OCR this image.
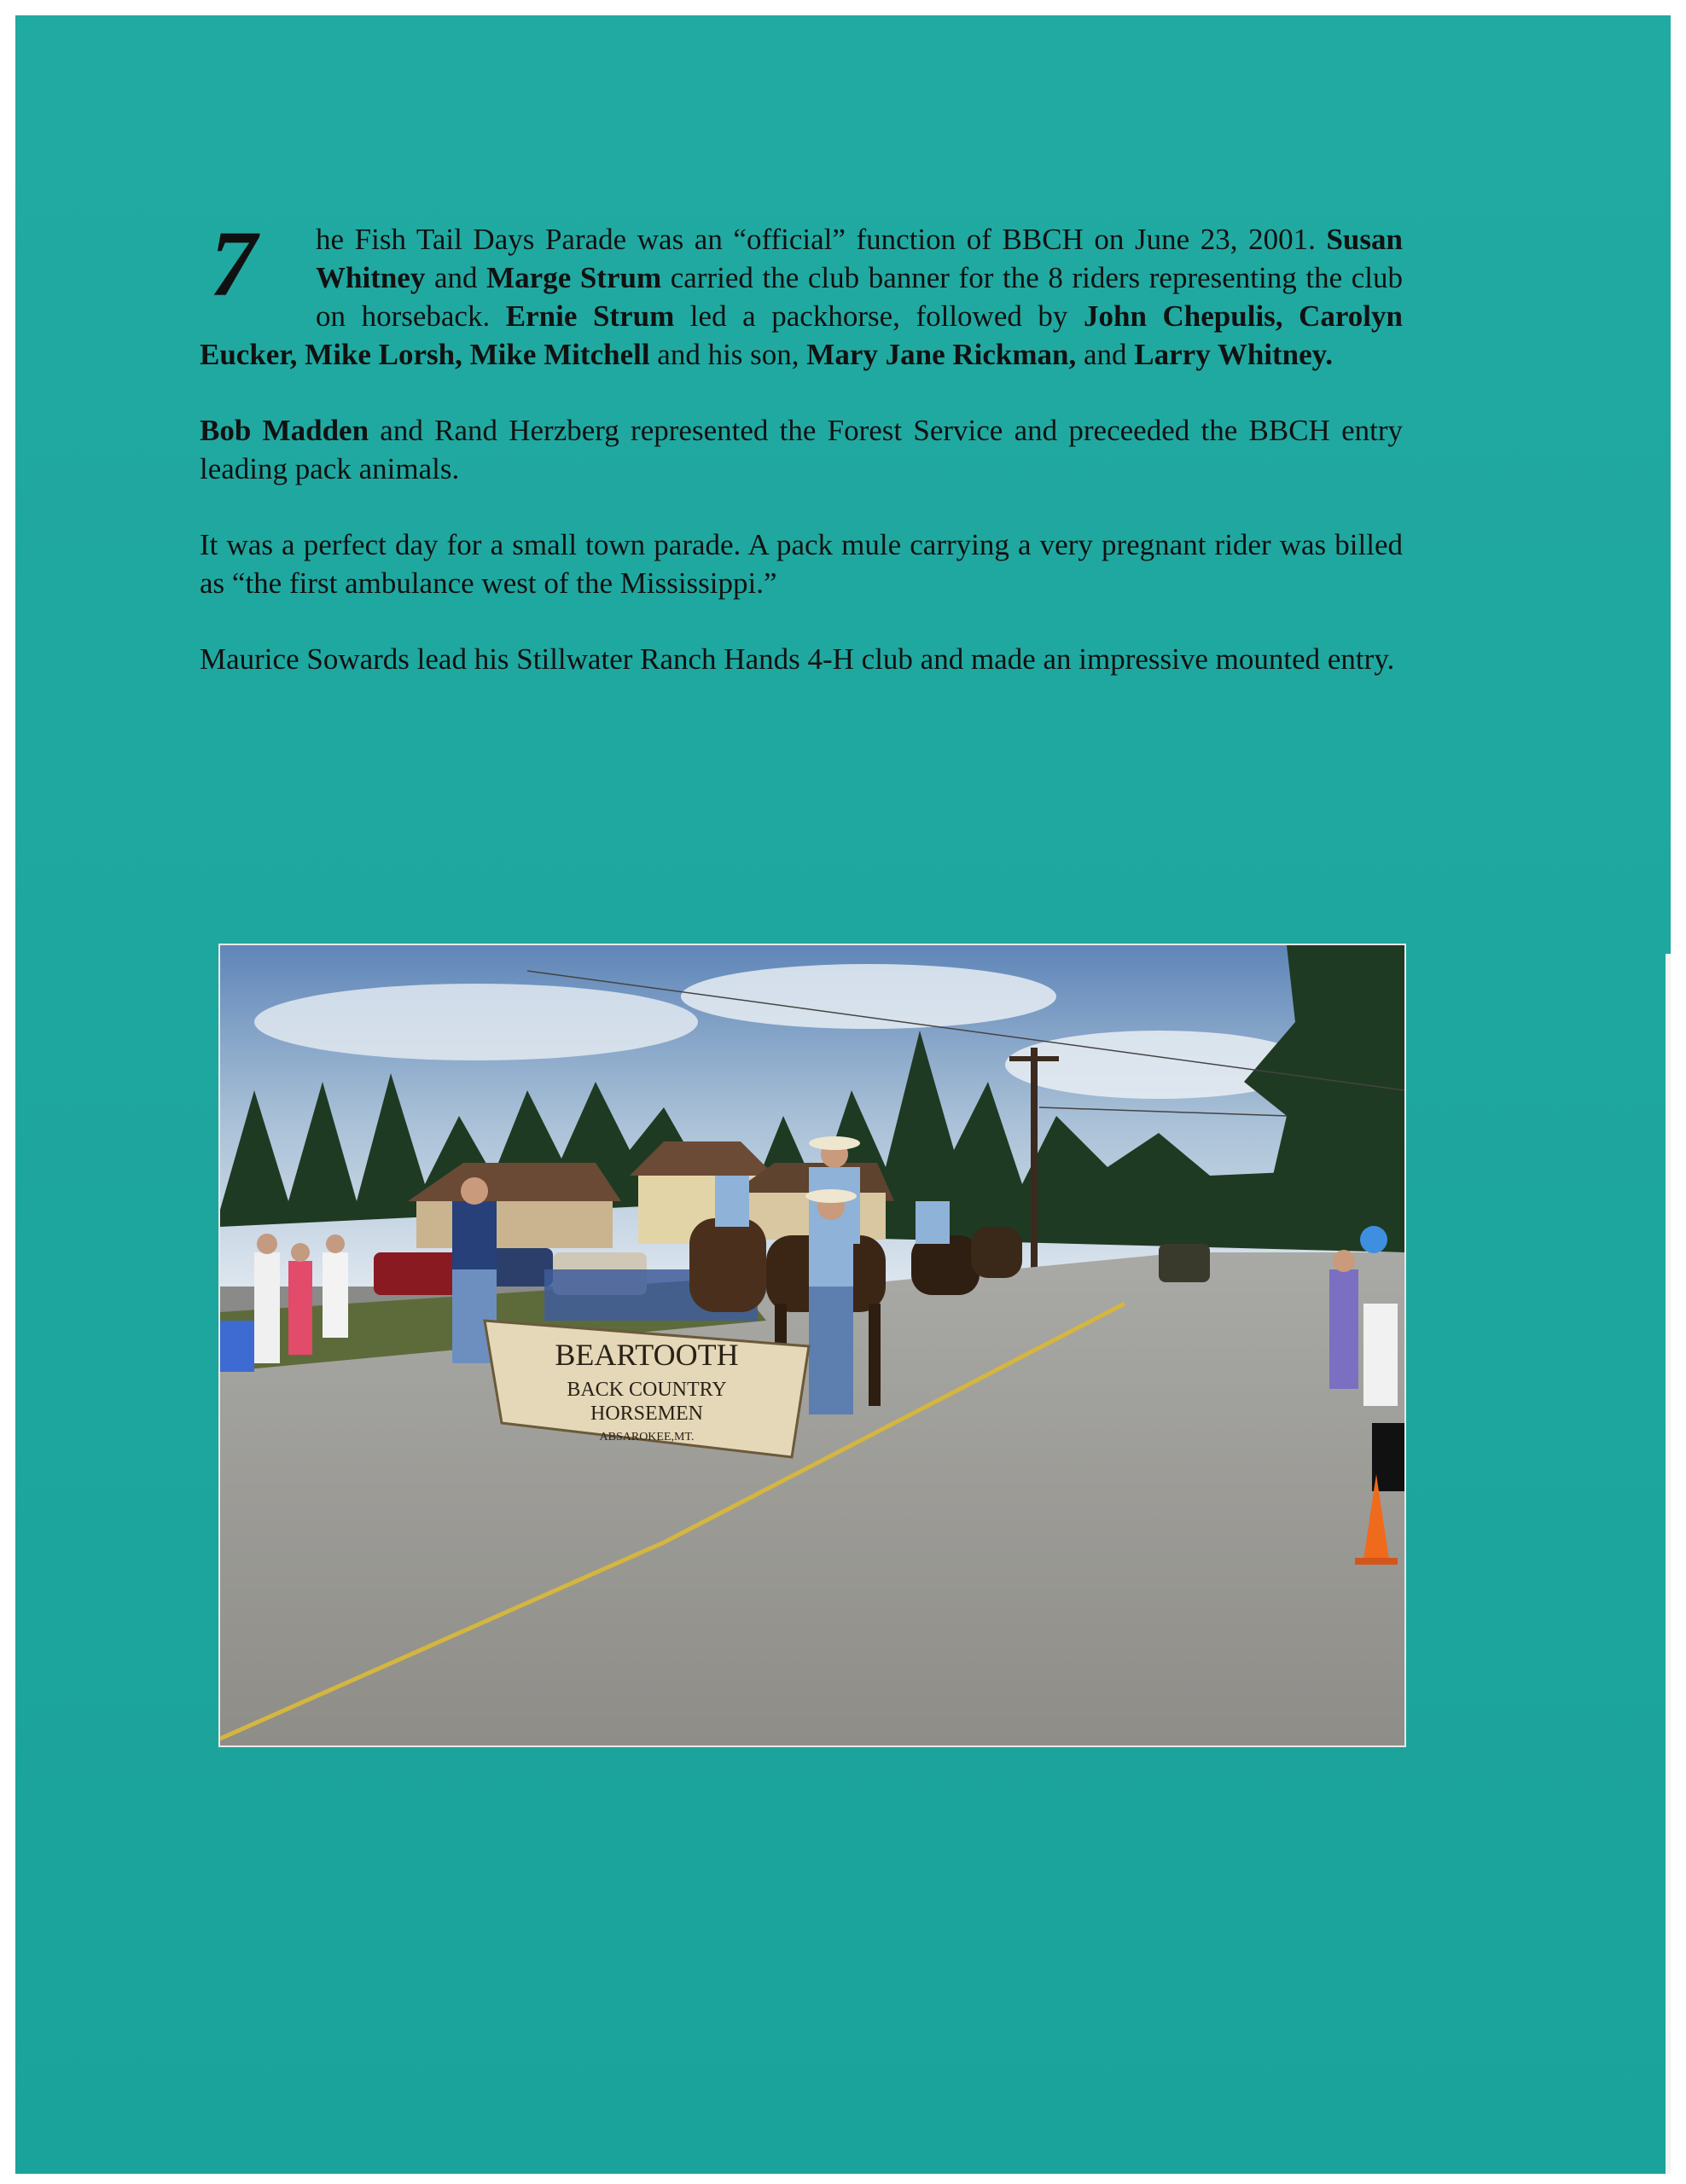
7	he Fish Tail Days Parade was an “official” function of BBCH on June 23, 2001. Susan Whitney and Marge Strum carried the club banner for the 8 riders representing the club on horseback. Ernie Strum led a packhorse, followed by John Chepulis, Carolyn Eucker, Mike Lorsh, Mike Mitchell and his son, Mary Jane Rickman, and Larry Whitney.

Bob Madden and Rand Herzberg represented the Forest Service and preceeded the BBCH entry leading pack animals.

It was a perfect day for a small town parade. A pack mule carrying a very pregnant rider was billed as “the first ambulance west of the Mississippi.”

Maurice Sowards lead his Stillwater Ranch Hands 4-H club and made an impressive mounted entry.

BEARTOOTH
BACK COUNTRY
HORSEMEN
ABSAROKEE,MT.
